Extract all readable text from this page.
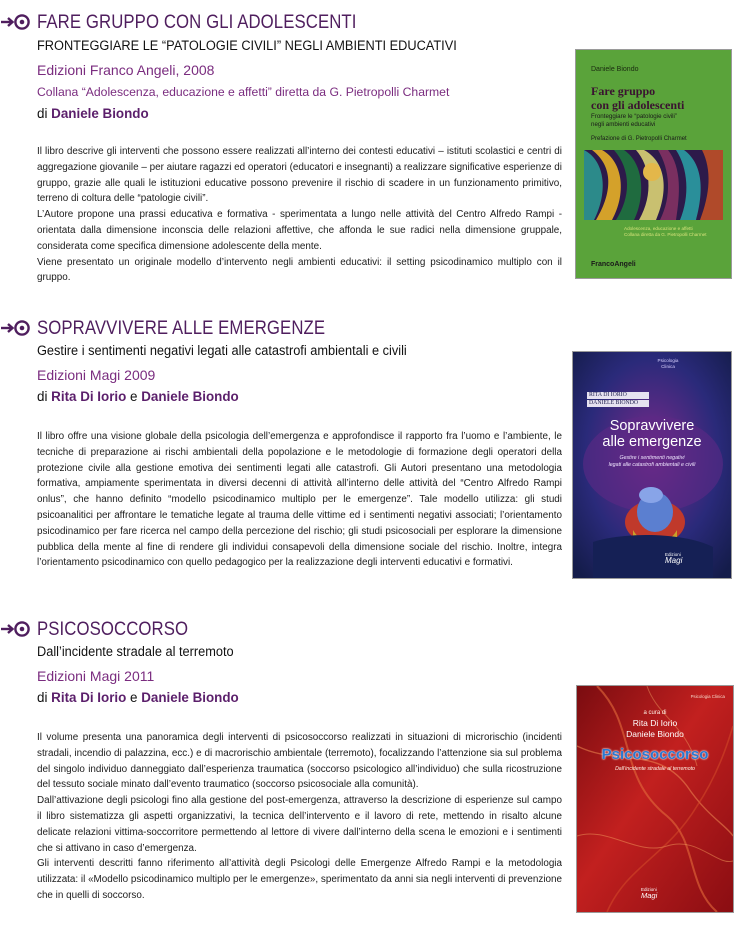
FARE GRUPPO CON GLI ADOLESCENTI
FRONTEGGIARE LE “PATOLOGIE CIVILI” NEGLI AMBIENTI EDUCATIVI
Edizioni Franco Angeli, 2008
Collana “Adolescenza, educazione e affetti” diretta da G. Pietropolli Charmet
di Daniele Biondo

Il libro descrive gli interventi che possono essere realizzati all’interno dei contesti educativi – istituti scolastici e centri di aggregazione giovanile – per aiutare ragazzi ed operatori (educatori e insegnanti) a realizzare significative esperienze di gruppo, grazie alle quali le istituzioni educative possono prevenire il rischio di scadere in un funzionamento primitivo, terreno di coltura delle “patologie civili”.

L’Autore propone una prassi educativa e formativa - sperimentata a lungo nelle attività del Centro Alfredo Rampi - orientata dalla dimensione inconscia delle relazioni affettive, che affonda le sue radici nella dimensione gruppale, considerata come specifica dimensione adolescente della mente.

Viene presentato un originale modello d’intervento negli ambienti educativi: il setting psicodinamico multiplo con il gruppo.

Daniele Biondo
Fare gruppo
con gli adolescenti
Fronteggiare le “patologie civili”
negli ambienti educativi
Prefazione di G. Pietropolli Charmet
Adolescenza, educazione e affetti
Collana diretta da G. Pietropolli Charmet
FrancoAngeli
SOPRAVVIVERE ALLE EMERGENZE
Gestire i sentimenti negativi legati alle catastrofi ambientali e civili
Edizioni Magi 2009
di Rita Di Iorio e Daniele Biondo

Il libro offre una visione globale della psicologia dell’emergenza e approfondisce il rapporto fra l’uomo e l’ambiente, le tecniche di preparazione ai rischi ambientali della popolazione e le metodologie di formazione degli operatori della protezione civile alla gestione emotiva dei sentimenti legati alle catastrofi. Gli Autori presentano una metodologia formativa, ampiamente sperimentata in diversi decenni di attività all’interno delle attività del “Centro Alfredo Rampi onlus”, che hanno definito “modello psicodinamico multiplo per le emergenze”. Tale modello utilizza: gli studi psicoanalitici per affrontare le tematiche legate al trauma delle vittime ed i sentimenti negativi associati; l’orientamento psicodinamico per fare ricerca nel campo della percezione del rischio; gli studi psicosociali per esplorare la dimensione pubblica della mente al fine di rendere gli individui consapevoli della dimensione sociale del rischio. Inoltre, integra l’orientamento psicodinamico con quello pedagogico per la realizzazione degli interventi educativi e formativi.

Psicologia Clinica
RITA DI IORIO
DANIELE BIONDO
Sopravvivere
alle emergenze
Gestire i sentimenti negativi
legati alle catastrofi ambientali e civili
Edizioni
Magi
PSICOSOCCORSO
Dall’incidente stradale al terremoto
Edizioni Magi 2011
di Rita Di Iorio e Daniele Biondo

Il volume presenta una panoramica degli interventi di psicosoccorso realizzati in situazioni di microrischio (incidenti stradali, incendio di palazzina, ecc.) e di macrorischio ambientale (terremoto), focalizzando l’attenzione sia sul problema del singolo individuo danneggiato dall’esperienza traumatica (soccorso psicologico all’individuo) che sulla ricostruzione del tessuto sociale minato dall’evento traumatico (soccorso psicosociale alla comunità).

Dall’attivazione degli psicologi fino alla gestione del post-emergenza, attraverso la descrizione di esperienze sul campo il libro sistematizza gli aspetti organizzativi, la tecnica dell’intervento e il lavoro di rete, mettendo in risalto alcune delicate relazioni vittima-soccorritore permettendo al lettore di vivere dall’interno della scena le emozioni e i sentimenti che si attivano in caso d’emergenza.

Gli interventi descritti fanno riferimento all’attività degli Psicologi delle Emergenze Alfredo Rampi e la metodologia utilizzata: il «Modello psicodinamico multiplo per le emergenze», sperimentato da anni sia negli interventi di prevenzione che in quelli di soccorso.

Psicologia Clinica
a cura di
Rita Di Iorio
Daniele Biondo
Psicosoccorso
Dall’incidente stradale al terremoto
Edizioni
Magi
